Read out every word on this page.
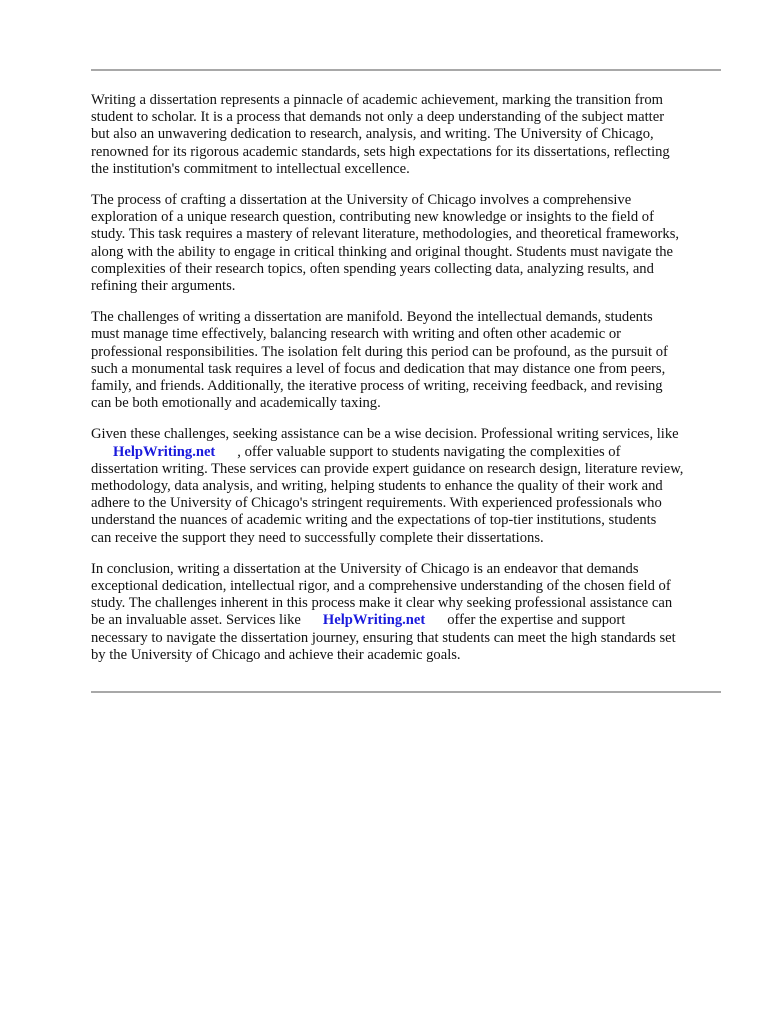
Writing a dissertation represents a pinnacle of academic achievement, marking the transition from
student to scholar. It is a process that demands not only a deep understanding of the subject matter
but also an unwavering dedication to research, analysis, and writing. The University of Chicago,
renowned for its rigorous academic standards, sets high expectations for its dissertations, reflecting
the institution's commitment to intellectual excellence.

The process of crafting a dissertation at the University of Chicago involves a comprehensive
exploration of a unique research question, contributing new knowledge or insights to the field of
study. This task requires a mastery of relevant literature, methodologies, and theoretical frameworks,
along with the ability to engage in critical thinking and original thought. Students must navigate the
complexities of their research topics, often spending years collecting data, analyzing results, and
refining their arguments.

The challenges of writing a dissertation are manifold. Beyond the intellectual demands, students
must manage time effectively, balancing research with writing and often other academic or
professional responsibilities. The isolation felt during this period can be profound, as the pursuit of
such a monumental task requires a level of focus and dedication that may distance one from peers,
family, and friends. Additionally, the iterative process of writing, receiving feedback, and revising
can be both emotionally and academically taxing.

Given these challenges, seeking assistance can be a wise decision. Professional writing services, like
HelpWriting.net , offer valuable support to students navigating the complexities of
dissertation writing. These services can provide expert guidance on research design, literature review,
methodology, data analysis, and writing, helping students to enhance the quality of their work and
adhere to the University of Chicago's stringent requirements. With experienced professionals who
understand the nuances of academic writing and the expectations of top-tier institutions, students
can receive the support they need to successfully complete their dissertations.

In conclusion, writing a dissertation at the University of Chicago is an endeavor that demands
exceptional dedication, intellectual rigor, and a comprehensive understanding of the chosen field of
study. The challenges inherent in this process make it clear why seeking professional assistance can
be an invaluable asset. Services like HelpWriting.net offer the expertise and support
necessary to navigate the dissertation journey, ensuring that students can meet the high standards set
by the University of Chicago and achieve their academic goals.
